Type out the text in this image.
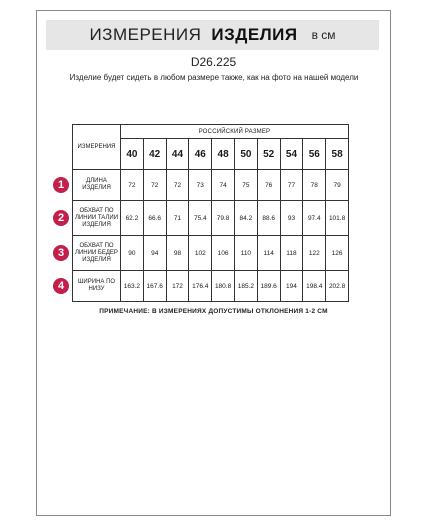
ИЗМЕРЕНИЯ ИЗДЕЛИЯ в см
D26.225
Изделие будет сидеть в любом размере также, как на фото на нашей модели
ИЗМЕРЕНИЯ	РОССИЙСКИЙ РАЗМЕР									
	40	42	44	46	48	50	52	54	56	58
ДЛИНА ИЗДЕЛИЯ	72	72	72	73	74	75	76	77	78	79
ОБХВАТ ПО ЛИНИИ ТАЛИИ ИЗДЕЛИЯ	62.2	66.6	71	75.4	79.8	84.2	88.6	93	97.4	101.8
ОБХВАТ ПО ЛИНИИ БЕДЕР ИЗДЕЛИЯ	90	94	98	102	106	110	114	118	122	126
ШИРИНА ПО НИЗУ	163.2	167.6	172	176.4	180.8	185.2	189.6	194	198.4	202.8
1
2
3
4
ПРИМЕЧАНИЕ: В ИЗМЕРЕНИЯХ ДОПУСТИМЫ ОТКЛОНЕНИЯ 1-2 СМ
